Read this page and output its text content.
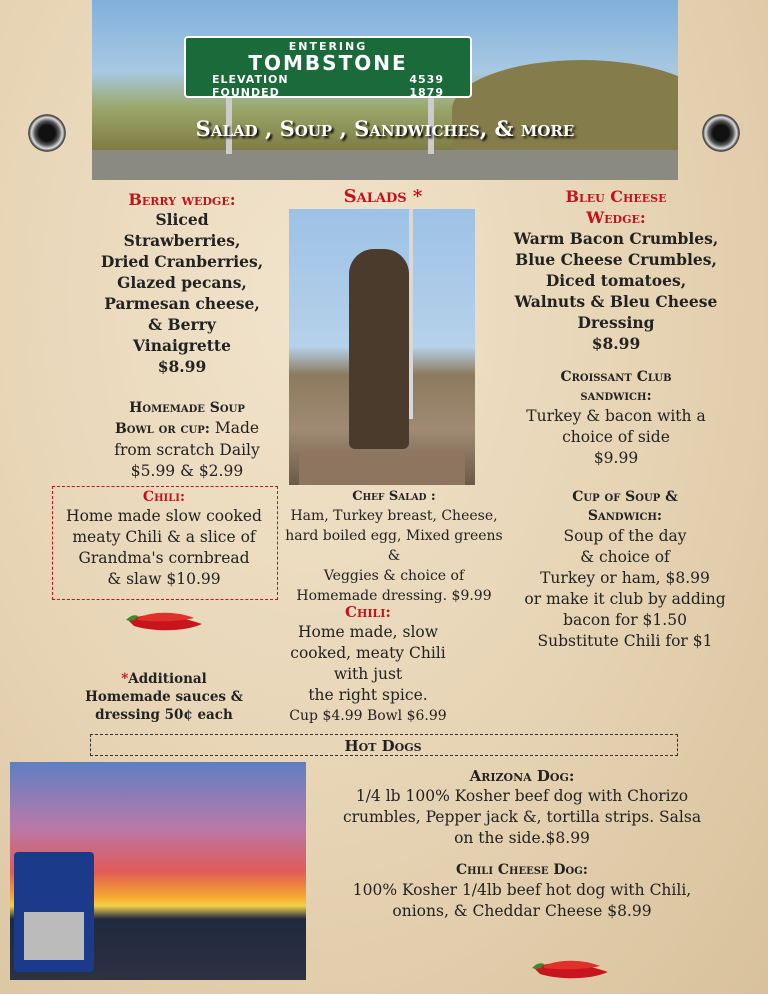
ENTERING
TOMBSTONE
ELEVATION	4539
FOUNDED	1879
Salad , Soup , Sandwiches, & more
Salads *
Berry wedge:
Sliced
Strawberries,
Dried Cranberries,
Glazed pecans,
Parmesan cheese,
& Berry
Vinaigrette
$8.99
Homemade Soup
Bowl or cup: Made
from scratch Daily
$5.99 & $2.99
Bleu Cheese
Wedge:
Warm Bacon Crumbles,
Blue Cheese Crumbles,
Diced tomatoes,
Walnuts & Bleu Cheese
Dressing
$8.99
Croissant Club
sandwich:
Turkey & bacon with a
choice of side
$9.99
Chili:
Home made slow cooked
meaty Chili & a slice of
Grandma's cornbread
& slaw $10.99
Chef Salad :
Ham, Turkey breast, Cheese,
hard boiled egg, Mixed greens &
Veggies & choice of
Homemade dressing. $9.99
Cup of Soup &
Sandwich:
Soup of the day
& choice of
Turkey or ham, $8.99
or make it club by adding
bacon for $1.50
Substitute Chili for $1
Chili:
Home made, slow
cooked, meaty Chili
with just
the right spice.
Cup $4.99 Bowl $6.99
*Additional
Homemade sauces &
dressing 50¢ each
Hot Dogs
Arizona Dog:
1/4 lb 100% Kosher beef dog with Chorizo
crumbles, Pepper jack &, tortilla strips. Salsa
on the side.$8.99
Chili Cheese Dog:
100% Kosher 1/4lb beef hot dog with Chili,
onions, & Cheddar Cheese $8.99
